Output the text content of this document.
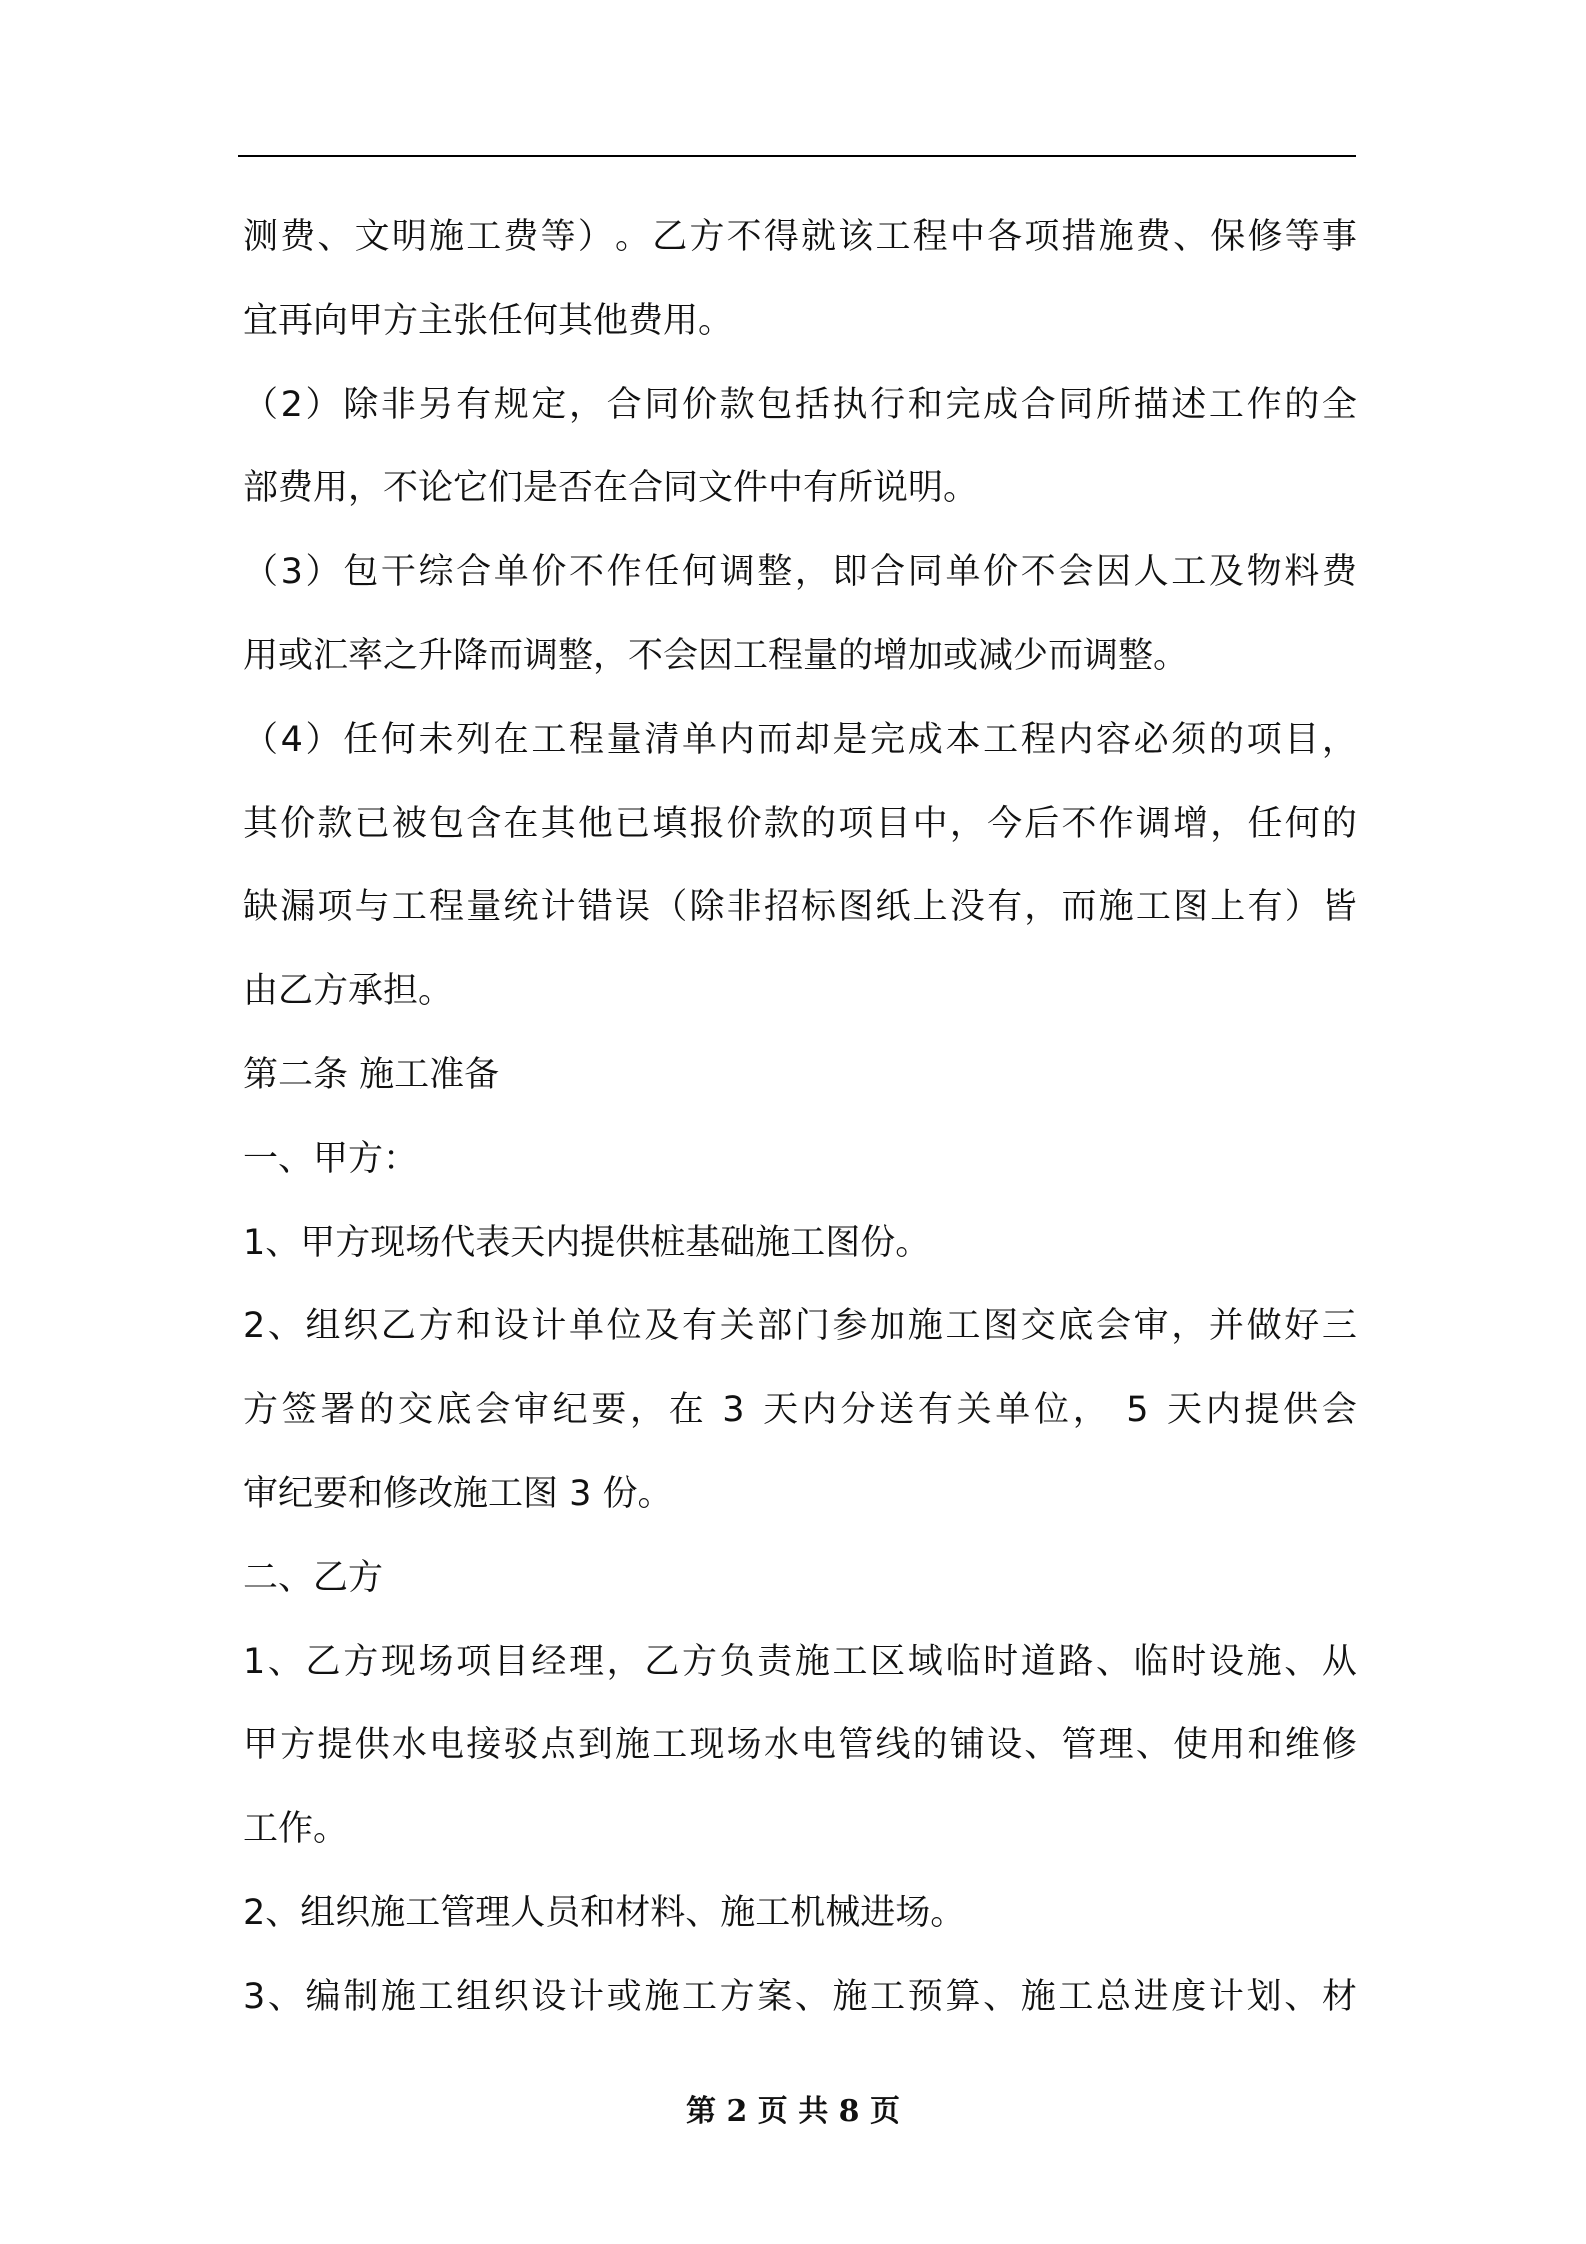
测 费 、 文 明 施 工 费 等 ） 。 乙 方 不 得 就 该 工 程 中 各 项 措 施 费 、 保 修 等 事
宜再向甲方主张任何其他费用。
（ 2 ） 除 非 另 有 规 定 ， 合 同 价 款 包 括 执 行 和 完 成 合 同 所 描 述 工 作 的 全
部费用，不论它们是否在合同文件中有所说明。
（ 3 ） 包 干 综 合 单 价 不 作 任 何 调 整 ， 即 合 同 单 价 不 会 因 人 工 及 物 料 费
用或汇率之升降而调整，不会因工程量的增加或减少而调整。
（ 4 ） 任 何 未 列 在 工 程 量 清 单 内 而 却 是 完 成 本 工 程 内 容 必 须 的 项 目 ，
其 价 款 已 被 包 含 在 其 他 已 填 报 价 款 的 项 目 中 ， 今 后 不 作 调 增 ， 任 何 的
缺 漏 项 与 工 程 量 统 计 错 误 （ 除 非 招 标 图 纸 上 没 有 ， 而 施 工 图 上 有 ） 皆
由乙方承担。
第二条 施工准备
一、甲方：
1、甲方现场代表天内提供桩基础施工图份。
2 、 组 织 乙 方 和 设 计 单 位 及 有 关 部 门 参 加 施 工 图 交 底 会 审 ， 并 做 好 三
方 签 署 的 交 底 会 审 纪 要 ， 在
3
天 内 分 送 有 关 单 位 ，
5
天 内 提 供 会
审纪要和修改施工图 3 份。
二、乙方
1 、 乙 方 现 场 项 目 经 理 ， 乙 方 负 责 施 工 区 域 临 时 道 路 、 临 时 设 施 、 从
甲 方 提 供 水 电 接 驳 点 到 施 工 现 场 水 电 管 线 的 铺 设 、 管 理 、 使 用 和 维 修
工作。
2、组织施工管理人员和材料、施工机械进场。
3 、 编 制 施 工 组 织 设 计 或 施 工 方 案 、 施 工 预 算 、 施 工 总 进 度 计 划 、 材
第 2 页 共 8 页
